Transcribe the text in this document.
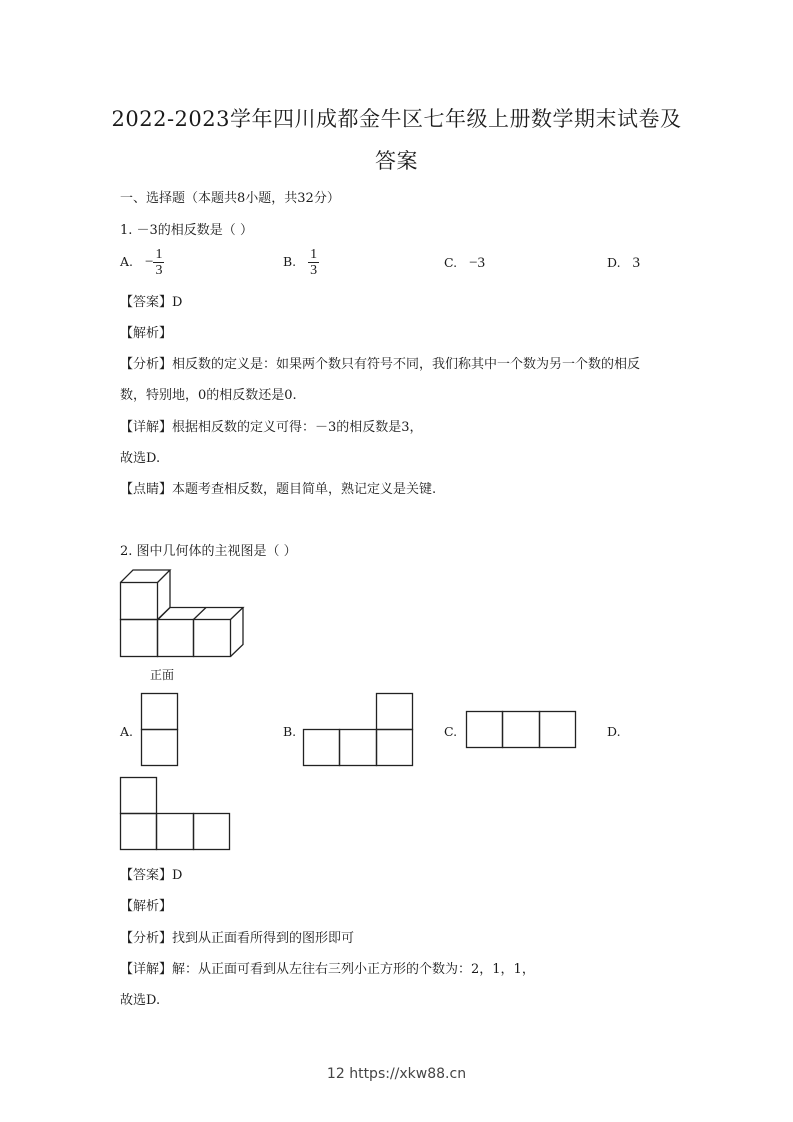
2022-2023学年四川成都金牛区七年级上册数学期末试卷及
答案
一、选择题（本题共8小题，共32分）
1. －3的相反数是（ ）
A. − $\frac{1}{3}$	B. $\frac{1}{3}$	C. −3	D. 3
【答案】D
【解析】
【分析】相反数的定义是：如果两个数只有符号不同，我们称其中一个数为另一个数的相反
数，特别地，0的相反数还是0.
【详解】根据相反数的定义可得：－3的相反数是3，
故选D.
【点睛】本题考查相反数，题目简单，熟记定义是关键.
2. 图中几何体的主视图是（ ）
正面
A.	B.	C.	D.
【答案】D
【解析】
【分析】找到从正面看所得到的图形即可
【详解】解：从正面可看到从左往右三列小正方形的个数为：2，1，1，
故选D.
12 https://xkw88.cn
